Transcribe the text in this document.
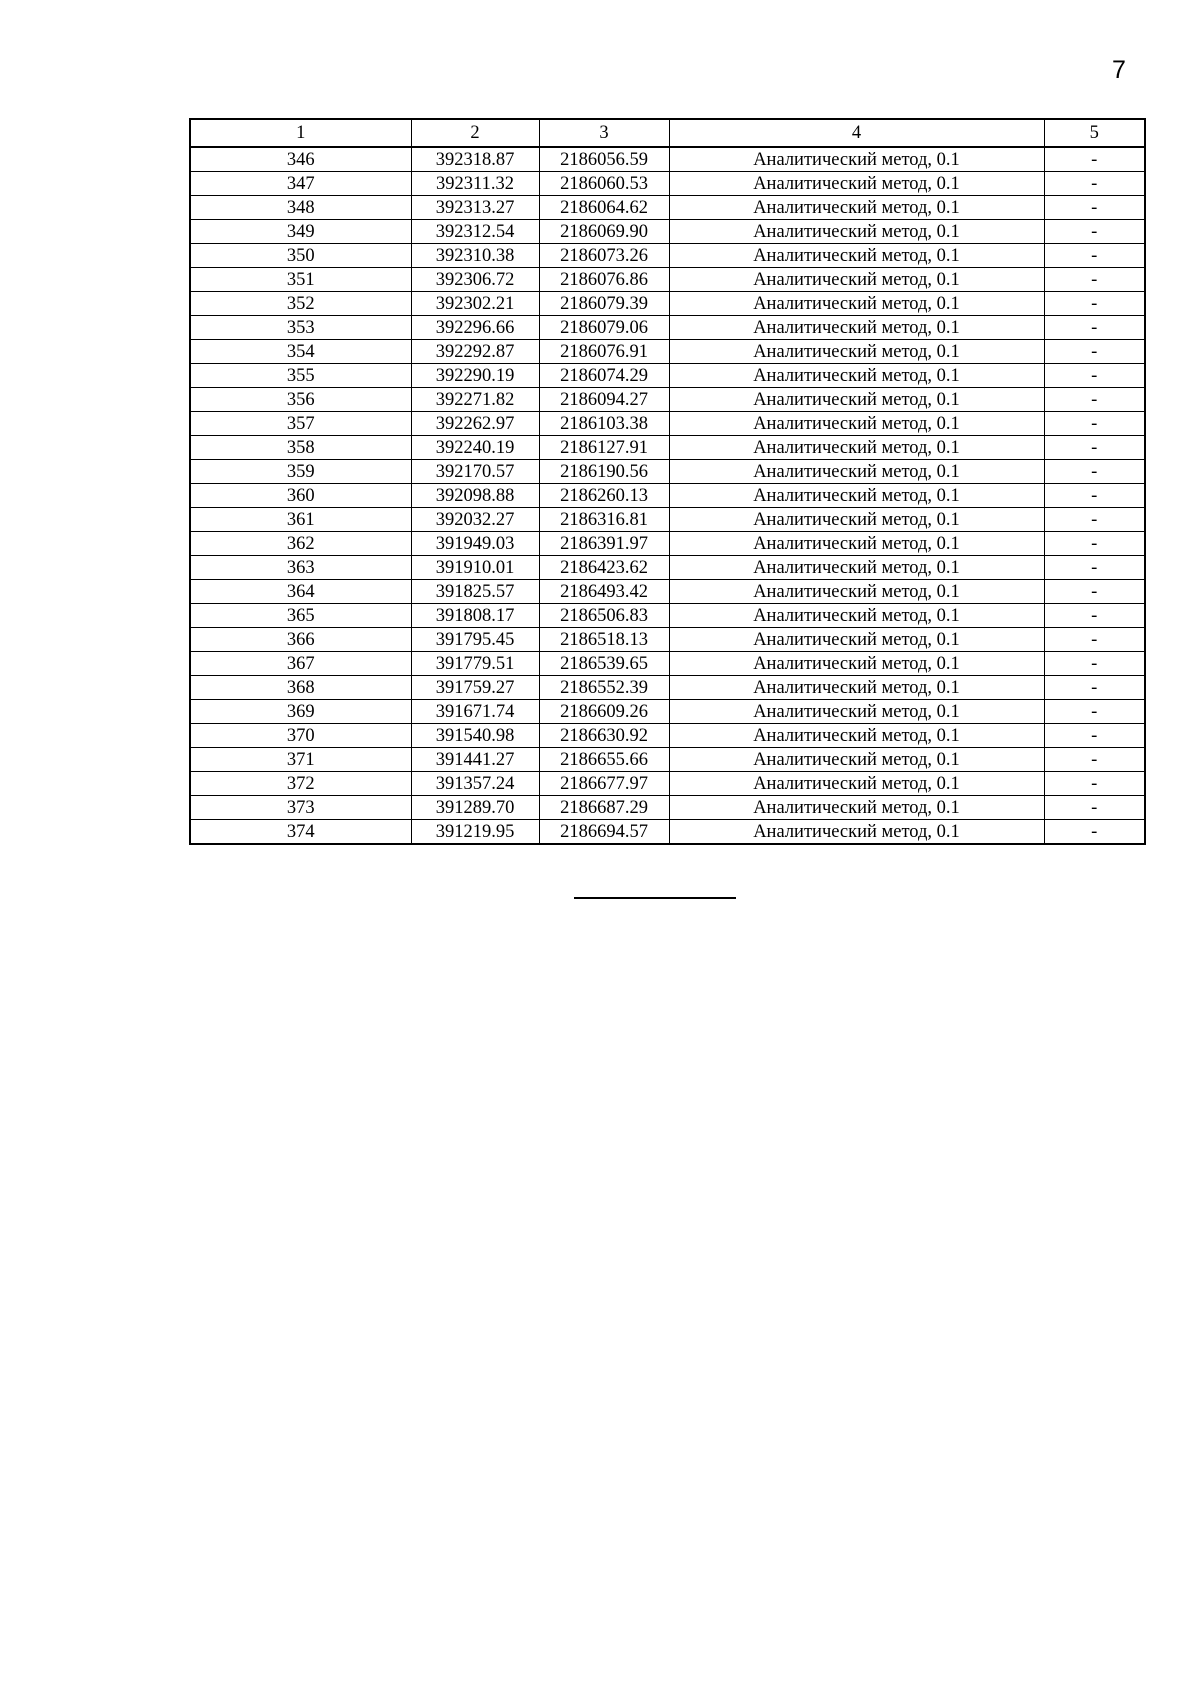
7
1	2	3	4	5
346	392318.87	2186056.59	Аналитический метод, 0.1	-
347	392311.32	2186060.53	Аналитический метод, 0.1	-
348	392313.27	2186064.62	Аналитический метод, 0.1	-
349	392312.54	2186069.90	Аналитический метод, 0.1	-
350	392310.38	2186073.26	Аналитический метод, 0.1	-
351	392306.72	2186076.86	Аналитический метод, 0.1	-
352	392302.21	2186079.39	Аналитический метод, 0.1	-
353	392296.66	2186079.06	Аналитический метод, 0.1	-
354	392292.87	2186076.91	Аналитический метод, 0.1	-
355	392290.19	2186074.29	Аналитический метод, 0.1	-
356	392271.82	2186094.27	Аналитический метод, 0.1	-
357	392262.97	2186103.38	Аналитический метод, 0.1	-
358	392240.19	2186127.91	Аналитический метод, 0.1	-
359	392170.57	2186190.56	Аналитический метод, 0.1	-
360	392098.88	2186260.13	Аналитический метод, 0.1	-
361	392032.27	2186316.81	Аналитический метод, 0.1	-
362	391949.03	2186391.97	Аналитический метод, 0.1	-
363	391910.01	2186423.62	Аналитический метод, 0.1	-
364	391825.57	2186493.42	Аналитический метод, 0.1	-
365	391808.17	2186506.83	Аналитический метод, 0.1	-
366	391795.45	2186518.13	Аналитический метод, 0.1	-
367	391779.51	2186539.65	Аналитический метод, 0.1	-
368	391759.27	2186552.39	Аналитический метод, 0.1	-
369	391671.74	2186609.26	Аналитический метод, 0.1	-
370	391540.98	2186630.92	Аналитический метод, 0.1	-
371	391441.27	2186655.66	Аналитический метод, 0.1	-
372	391357.24	2186677.97	Аналитический метод, 0.1	-
373	391289.70	2186687.29	Аналитический метод, 0.1	-
374	391219.95	2186694.57	Аналитический метод, 0.1	-
